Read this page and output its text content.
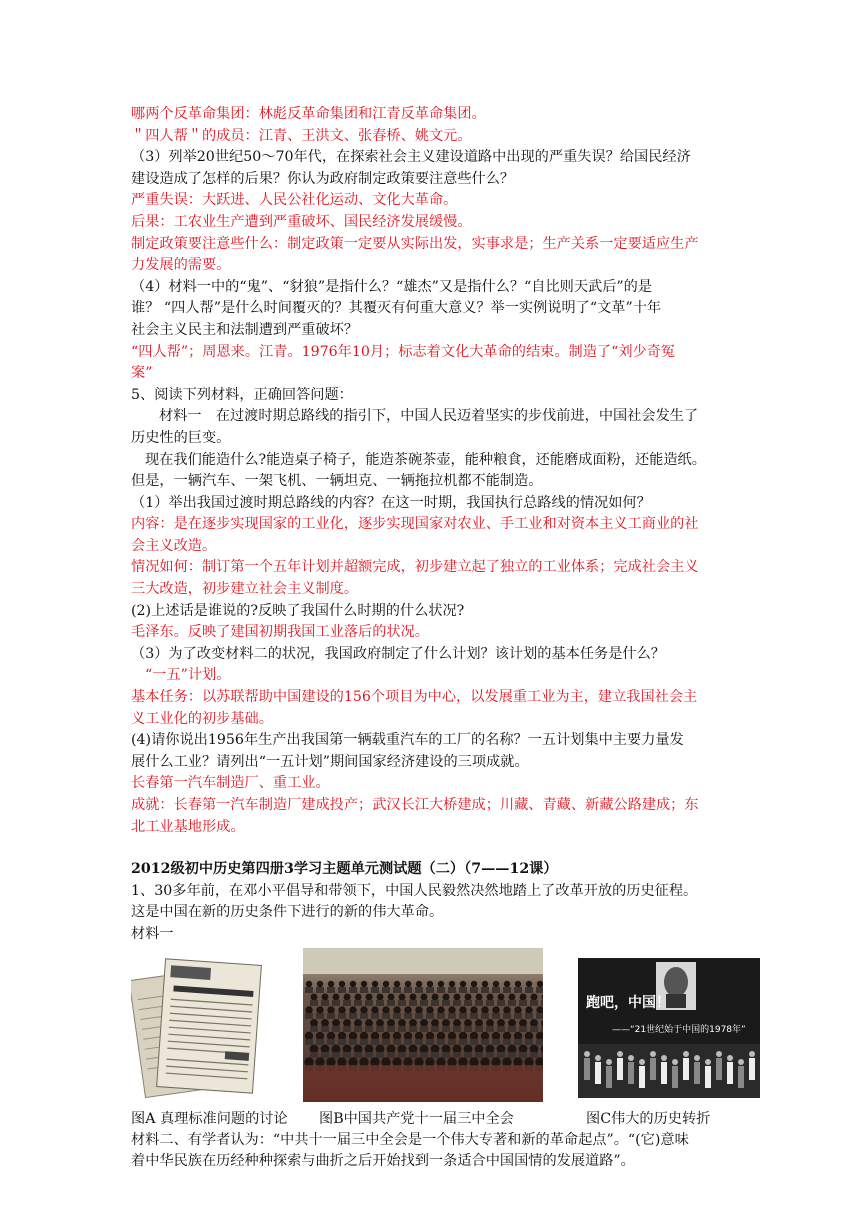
哪两个反革命集团：林彪反革命集团和江青反革命集团。
＂四人帮＂的成员：江青、王洪文、张春桥、姚文元。
（3）列举20世纪50～70年代，在探索社会主义建设道路中出现的严重失误？给国民经济
建设造成了怎样的后果？你认为政府制定政策要注意些什么？
严重失误：大跃进、人民公社化运动、文化大革命。
后果：工农业生产遭到严重破坏、国民经济发展缓慢。
制定政策要注意些什么：制定政策一定要从实际出发，实事求是；生产关系一定要适应生产
力发展的需要。
（4）材料一中的“鬼”、“豺狼”是指什么？“雄杰”又是指什么？“自比则天武后”的是
谁？ “四人帮”是什么时间覆灭的？其覆灭有何重大意义？举一实例说明了“文革”十年
社会主义民主和法制遭到严重破坏？
“四人帮”；周恩来。江青。1976年10月；标志着文化大革命的结束。制造了“刘少奇冤
案”
5、阅读下列材料，正确回答问题：
材料一　在过渡时期总路线的指引下，中国人民迈着坚实的步伐前进，中国社会发生了
历史性的巨变。
现在我们能造什么?能造桌子椅子，能造茶碗茶壶，能种粮食，还能磨成面粉，还能造纸。
但是，一辆汽车、一架飞机、一辆坦克、一辆拖拉机都不能制造。
（1）举出我国过渡时期总路线的内容？在这一时期，我国执行总路线的情况如何？
内容：是在逐步实现国家的工业化，逐步实现国家对农业、手工业和对资本主义工商业的社
会主义改造。
情况如何：制订第一个五年计划并超额完成，初步建立起了独立的工业体系；完成社会主义
三大改造，初步建立社会主义制度。
(2)上述话是谁说的?反映了我国什么时期的什么状况?
毛泽东。反映了建国初期我国工业落后的状况。
（3）为了改变材料二的状况，我国政府制定了什么计划？该计划的基本任务是什么？
“一五”计划。
基本任务：以苏联帮助中国建设的156个项目为中心，以发展重工业为主，建立我国社会主
义工业化的初步基础。
(4)请你说出1956年生产出我国第一辆载重汽车的工厂的名称？一五计划集中主要力量发
展什么工业？请列出“一五计划”期间国家经济建设的三项成就。
长春第一汽车制造厂、重工业。
成就：长春第一汽车制造厂建成投产；武汉长江大桥建成；川藏、青藏、新藏公路建成；东
北工业基地形成。
2012级初中历史第四册3学习主题单元测试题（二）（7——12课）
1、30多年前，在邓小平倡导和带领下，中国人民毅然决然地踏上了改革开放的历史征程。
这是中国在新的历史条件下进行的新的伟大革命。
材料一
跑吧，中国！
——“21世纪始于中国的1978年”
图A 真理标准问题的讨论 图B中国共产党十一届三中全会	图C伟大的历史转折
材料二、有学者认为：“中共十一届三中全会是一个伟大专著和新的革命起点”。“(它)意味
着中华民族在历经种种探索与曲折之后开始找到一条适合中国国情的发展道路”。
